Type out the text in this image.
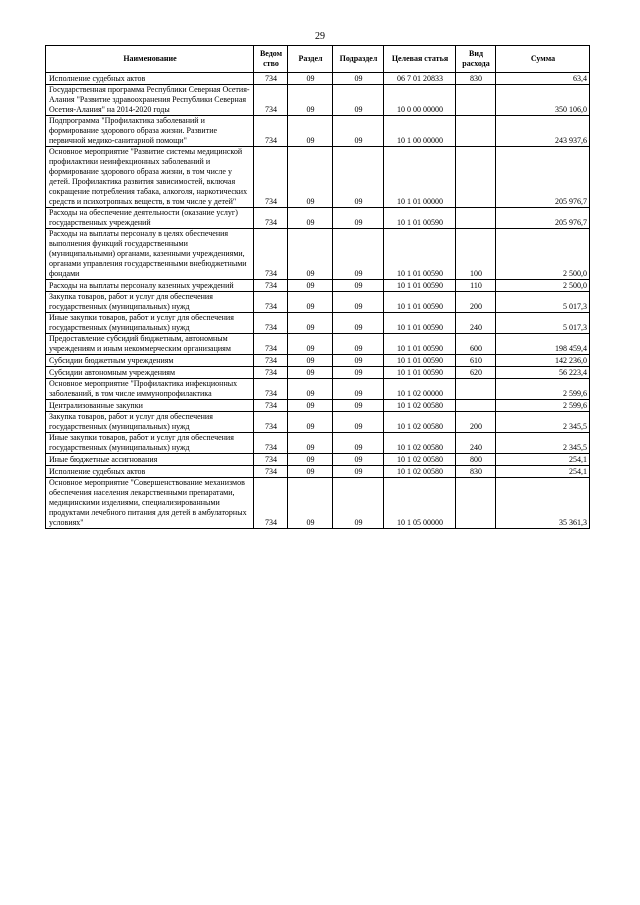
29
Наименование	Ведом ство	Раздел	Подраздел	Целевая статья	Вид расхода	Сумма
Исполнение судебных актов	734	09	09	06 7 01 20833	830	63,4
Государственная программа Республики Северная Осетия-Алания "Развитие здравоохранения Республики Северная Осетия-Алания" на 2014-2020 годы	734	09	09	10 0 00 00000		350 106,0
Подпрограмма "Профилактика заболеваний и формирование здорового образа жизни. Развитие первичной медико-санитарной помощи"	734	09	09	10 1 00 00000		243 937,6
Основное мероприятие "Развитие системы медицинской профилактики неинфекционных заболеваний и формирование здорового образа жизни, в том числе у детей. Профилактика развития зависимостей, включая сокращение потребления табака, алкоголя, наркотических средств и психотропных веществ, в том числе у детей"	734	09	09	10 1 01 00000		205 976,7
Расходы на обеспечение деятельности (оказание услуг) государственных учреждений	734	09	09	10 1 01 00590		205 976,7
Расходы на выплаты персоналу в целях обеспечения выполнения функций государственными (муниципальными) органами, казенными учреждениями, органами управления государственными внебюджетными фондами	734	09	09	10 1 01 00590	100	2 500,0
Расходы на выплаты персоналу казенных учреждений	734	09	09	10 1 01 00590	110	2 500,0
Закупка товаров, работ и услуг для обеспечения государственных (муниципальных) нужд	734	09	09	10 1 01 00590	200	5 017,3
Иные закупки товаров, работ и услуг для обеспечения государственных (муниципальных) нужд	734	09	09	10 1 01 00590	240	5 017,3
Предоставление субсидий бюджетным, автономным учреждениям и иным некоммерческим организациям	734	09	09	10 1 01 00590	600	198 459,4
Субсидии бюджетным учреждениям	734	09	09	10 1 01 00590	610	142 236,0
Субсидии автономным учреждениям	734	09	09	10 1 01 00590	620	56 223,4
Основное мероприятие "Профилактика инфекционных заболеваний, в том числе иммунопрофилактика	734	09	09	10 1 02 00000		2 599,6
Централизованные закупки	734	09	09	10 1 02 00580		2 599,6
Закупка товаров, работ и услуг для обеспечения государственных (муниципальных) нужд	734	09	09	10 1 02 00580	200	2 345,5
Иные закупки товаров, работ и услуг для обеспечения государственных (муниципальных) нужд	734	09	09	10 1 02 00580	240	2 345,5
Иные бюджетные ассигнования	734	09	09	10 1 02 00580	800	254,1
Исполнение судебных актов	734	09	09	10 1 02 00580	830	254,1
Основное мероприятие "Совершенствование механизмов обеспечения населения лекарственными препаратами, медицинскими изделиями, специализированными продуктами лечебного питания для детей в амбулаторных условиях"	734	09	09	10 1 05 00000		35 361,3
